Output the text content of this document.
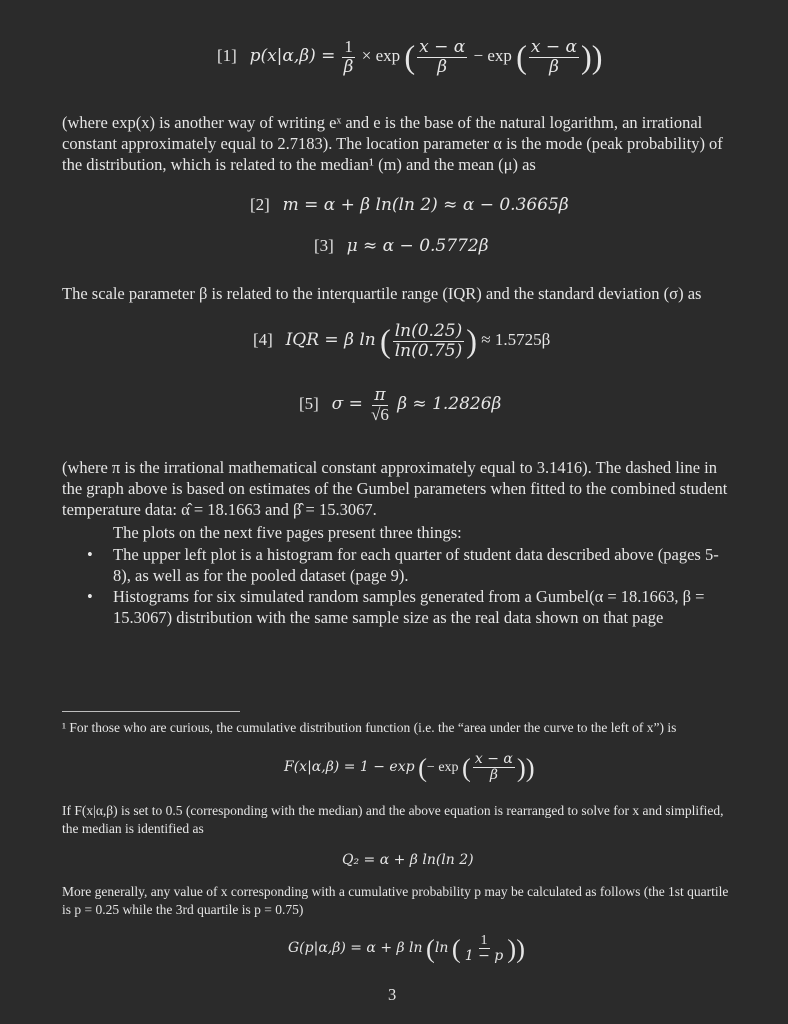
[1] $p(x|\alpha,\beta) = \frac{1}{\beta} \times \exp$ ( $\frac{x - \alpha}{\beta} - \exp$ ( $\frac{x - \alpha}{\beta}$ ))
(where exp(x) is another way of writing eˣ and e is the base of the natural logarithm, an irrational constant approximately equal to 2.7183). The location parameter α is the mode (peak probability) of the distribution, which is related to the median¹ (m) and the mean (μ) as
[2] m = α + β ln(ln 2) ≈ α − 0.3665β
[3] μ ≈ α − 0.5772β
The scale parameter β is related to the interquartile range (IQR) and the standard deviation (σ) as
[4] IQR = β ln ( $\frac{\ln(0.25)}{\ln(0.75)}$ ) ≈ 1.5725β
[5] $\sigma = \frac{\pi}{√6}$ β ≈ 1.2826β
(where π is the irrational mathematical constant approximately equal to 3.1416). The dashed line in the graph above is based on estimates of the Gumbel parameters when fitted to the combined student temperature data: α̂ = 18.1663 and β̂ = 15.3067.
The plots on the next five pages present three things:
• The upper left plot is a histogram for each quarter of student data described above (pages 5-8), as well as for the pooled dataset (page 9).
• Histograms for six simulated random samples generated from a Gumbel(α = 18.1663, β = 15.3067) distribution with the same sample size as the real data shown on that page
¹ For those who are curious, the cumulative distribution function (i.e. the “area under the curve to the left of x”) is
F(x|α,β) = 1 − exp (− exp ( $\frac{x - \alpha}{\beta}$ ))
If F(x|α,β) is set to 0.5 (corresponding with the median) and the above equation is rearranged to solve for x and simplified, the median is identified as
Q₂ = α + β ln(ln 2)
More generally, any value of x corresponding with a cumulative probability p may be calculated as follows (the 1st quartile is p = 0.25 while the 3rd quartile is p = 0.75)
G(p|α,β) = α + β ln (ln ( $\frac{1}{1 - p}$ ))
3
